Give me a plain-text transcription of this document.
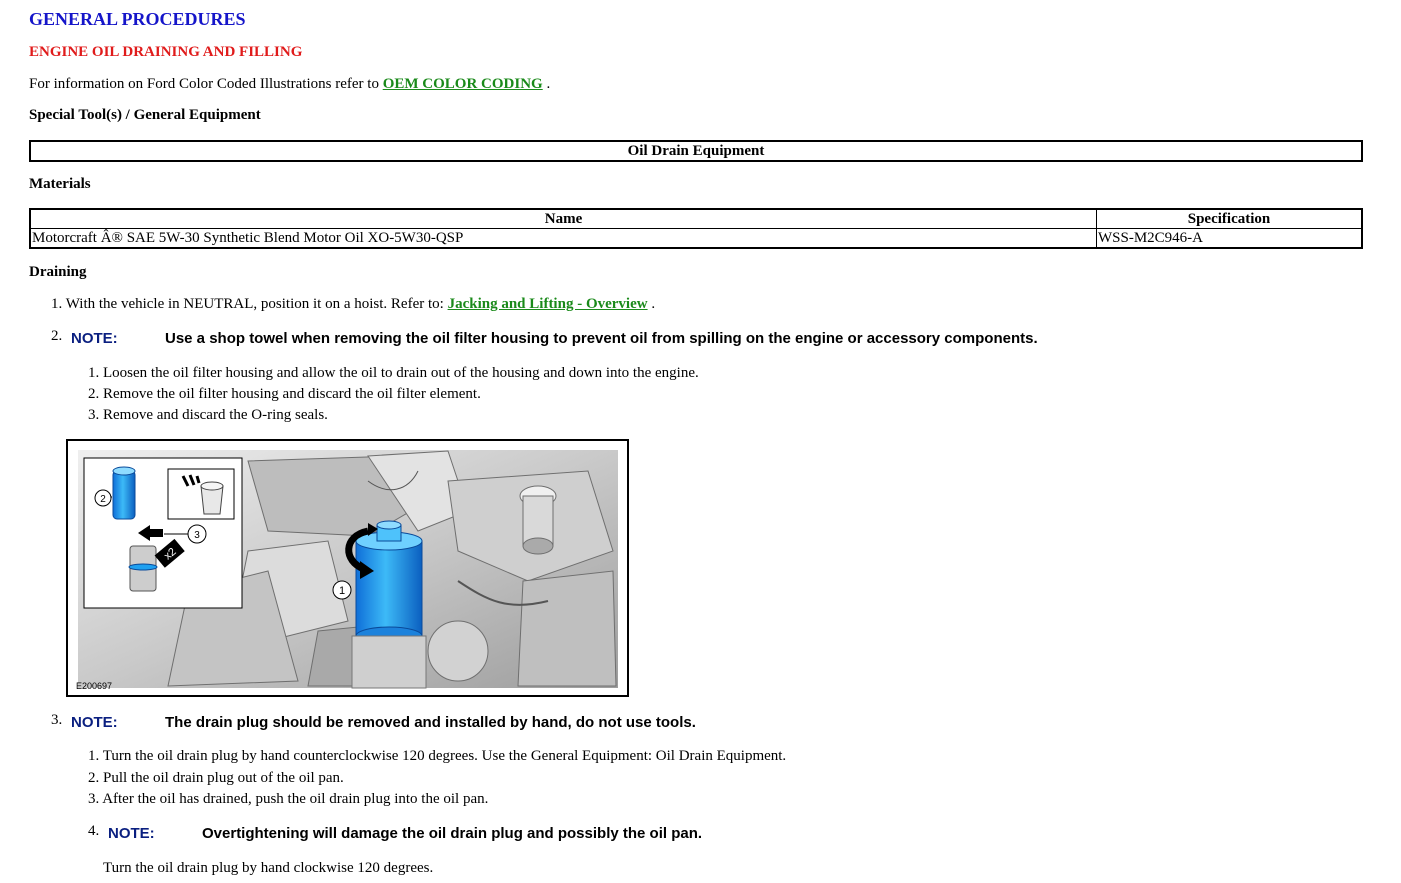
GENERAL PROCEDURES
ENGINE OIL DRAINING AND FILLING
For information on Ford Color Coded Illustrations refer to OEM COLOR CODING .
Special Tool(s) / General Equipment
Oil Drain Equipment
Materials
Name	Specification
Motorcraft Â® SAE 5W-30 Synthetic Blend Motor Oil XO-5W30-QSP	WSS-M2C946-A
Draining
1. With the vehicle in NEUTRAL, position it on a hoist. Refer to: Jacking and Lifting - Overview .
2. NOTE:	Use a shop towel when removing the oil filter housing to prevent oil from spilling on the engine or accessory components.
1. Loosen the oil filter housing and allow the oil to drain out of the housing and down into the engine.
2. Remove the oil filter housing and discard the oil filter element.
3. Remove and discard the O-ring seals.
1
x2
2
3
E200697
3. NOTE:	The drain plug should be removed and installed by hand, do not use tools.
1. Turn the oil drain plug by hand counterclockwise 120 degrees. Use the General Equipment: Oil Drain Equipment.
2. Pull the oil drain plug out of the oil pan.
3. After the oil has drained, push the oil drain plug into the oil pan.
4. NOTE:	Overtightening will damage the oil drain plug and possibly the oil pan.
Turn the oil drain plug by hand clockwise 120 degrees.
